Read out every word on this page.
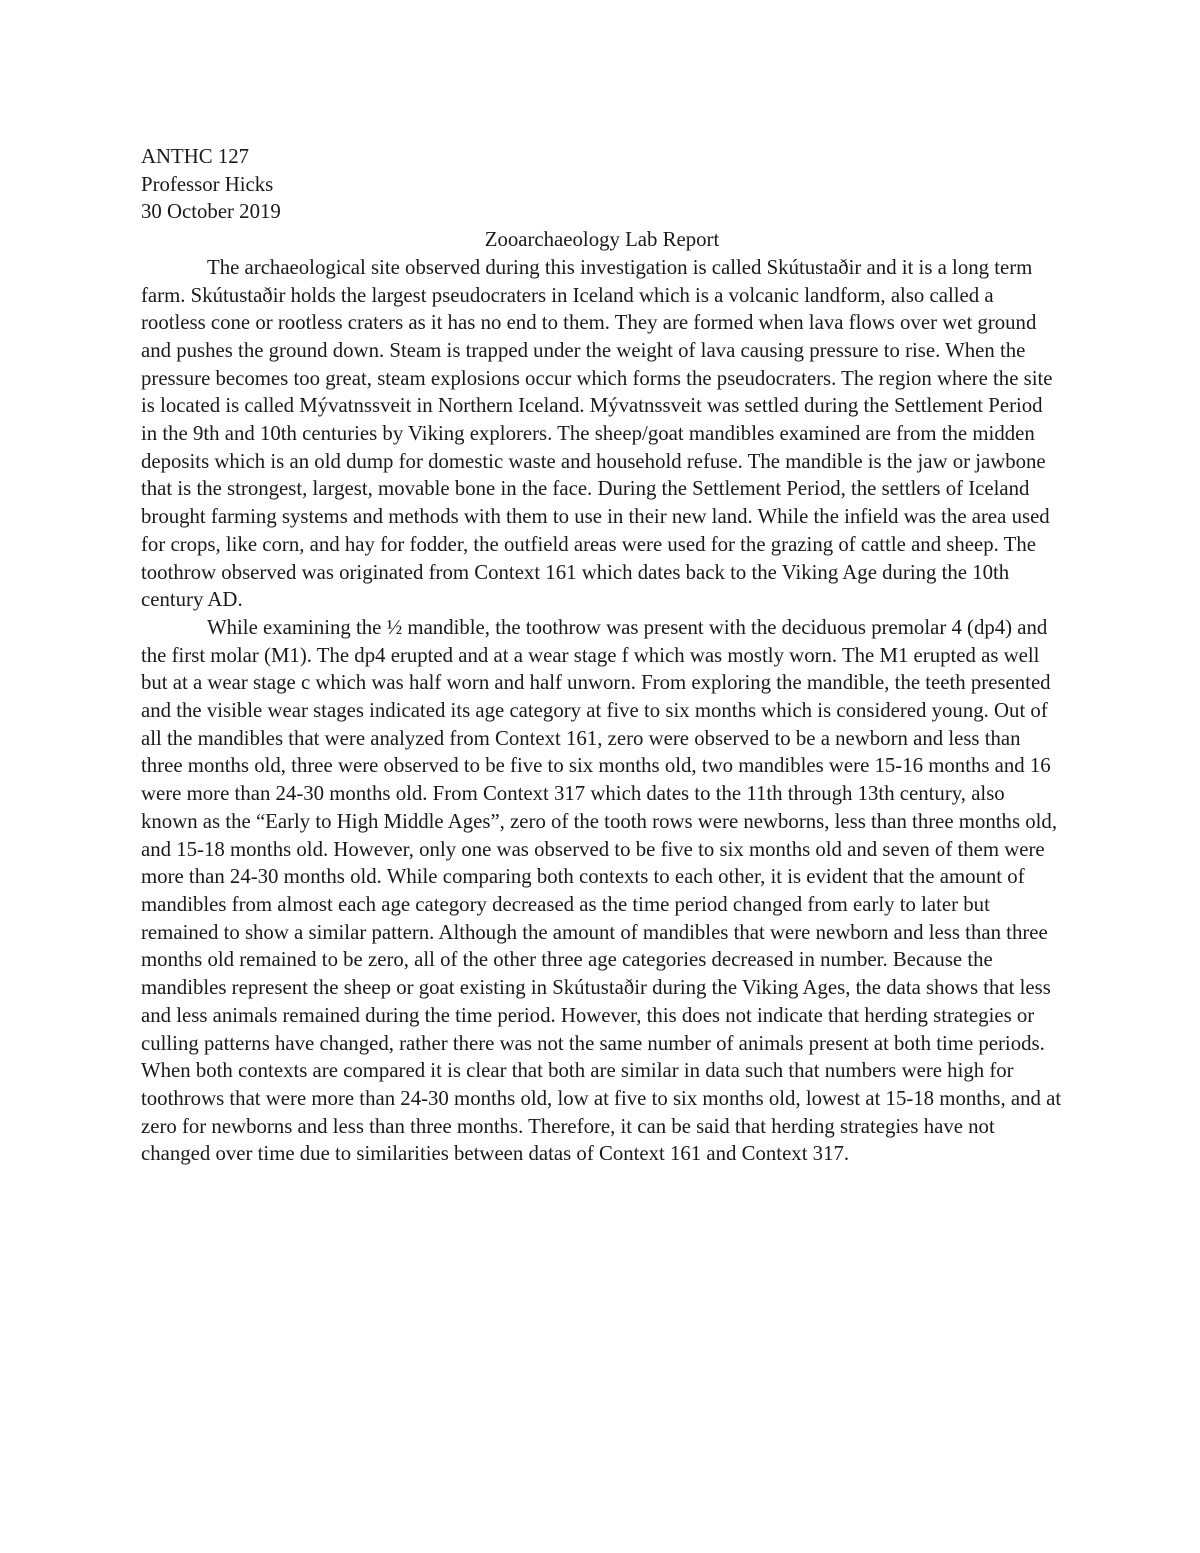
ANTHC 127

Professor Hicks

30 October 2019

Zooarchaeology Lab Report

The archaeological site observed during this investigation is called Skútustaðir and it is a long term farm. Skútustaðir holds the largest pseudocraters in Iceland which is a volcanic landform, also called a rootless cone or rootless craters as it has no end to them. They are formed when lava flows over wet ground and pushes the ground down. Steam is trapped under the weight of lava causing pressure to rise. When the pressure becomes too great, steam explosions occur which forms the pseudocraters. The region where the site is located is called Mývatnssveit in Northern Iceland. Mývatnssveit was settled during the Settlement Period in the 9th and 10th centuries by Viking explorers. The sheep/goat mandibles examined are from the midden deposits which is an old dump for domestic waste and household refuse. The mandible is the jaw or jawbone that is the strongest, largest, movable bone in the face. During the Settlement Period, the settlers of Iceland brought farming systems and methods with them to use in their new land. While the infield was the area used for crops, like corn, and hay for fodder, the outfield areas were used for the grazing of cattle and sheep. The toothrow observed was originated from Context 161 which dates back to the Viking Age during the 10th century AD.

While examining the ½ mandible, the toothrow was present with the deciduous premolar 4 (dp4) and the first molar (M1). The dp4 erupted and at a wear stage f which was mostly worn. The M1 erupted as well but at a wear stage c which was half worn and half unworn. From exploring the mandible, the teeth presented and the visible wear stages indicated its age category at five to six months which is considered young. Out of all the mandibles that were analyzed from Context 161, zero were observed to be a newborn and less than three months old, three were observed to be five to six months old, two mandibles were 15-16 months and 16 were more than 24-30 months old. From Context 317 which dates to the 11th through 13th century, also known as the “Early to High Middle Ages”, zero of the tooth rows were newborns, less than three months old, and 15-18 months old. However, only one was observed to be five to six months old and seven of them were more than 24-30 months old. While comparing both contexts to each other, it is evident that the amount of mandibles from almost each age category decreased as the time period changed from early to later but remained to show a similar pattern. Although the amount of mandibles that were newborn and less than three months old remained to be zero, all of the other three age categories decreased in number. Because the mandibles represent the sheep or goat existing in Skútustaðir during the Viking Ages, the data shows that less and less animals remained during the time period. However, this does not indicate that herding strategies or culling patterns have changed, rather there was not the same number of animals present at both time periods. When both contexts are compared it is clear that both are similar in data such that numbers were high for toothrows that were more than 24-30 months old, low at five to six months old, lowest at 15-18 months, and at zero for newborns and less than three months. Therefore, it can be said that herding strategies have not changed over time due to similarities between datas of Context 161 and Context 317.
